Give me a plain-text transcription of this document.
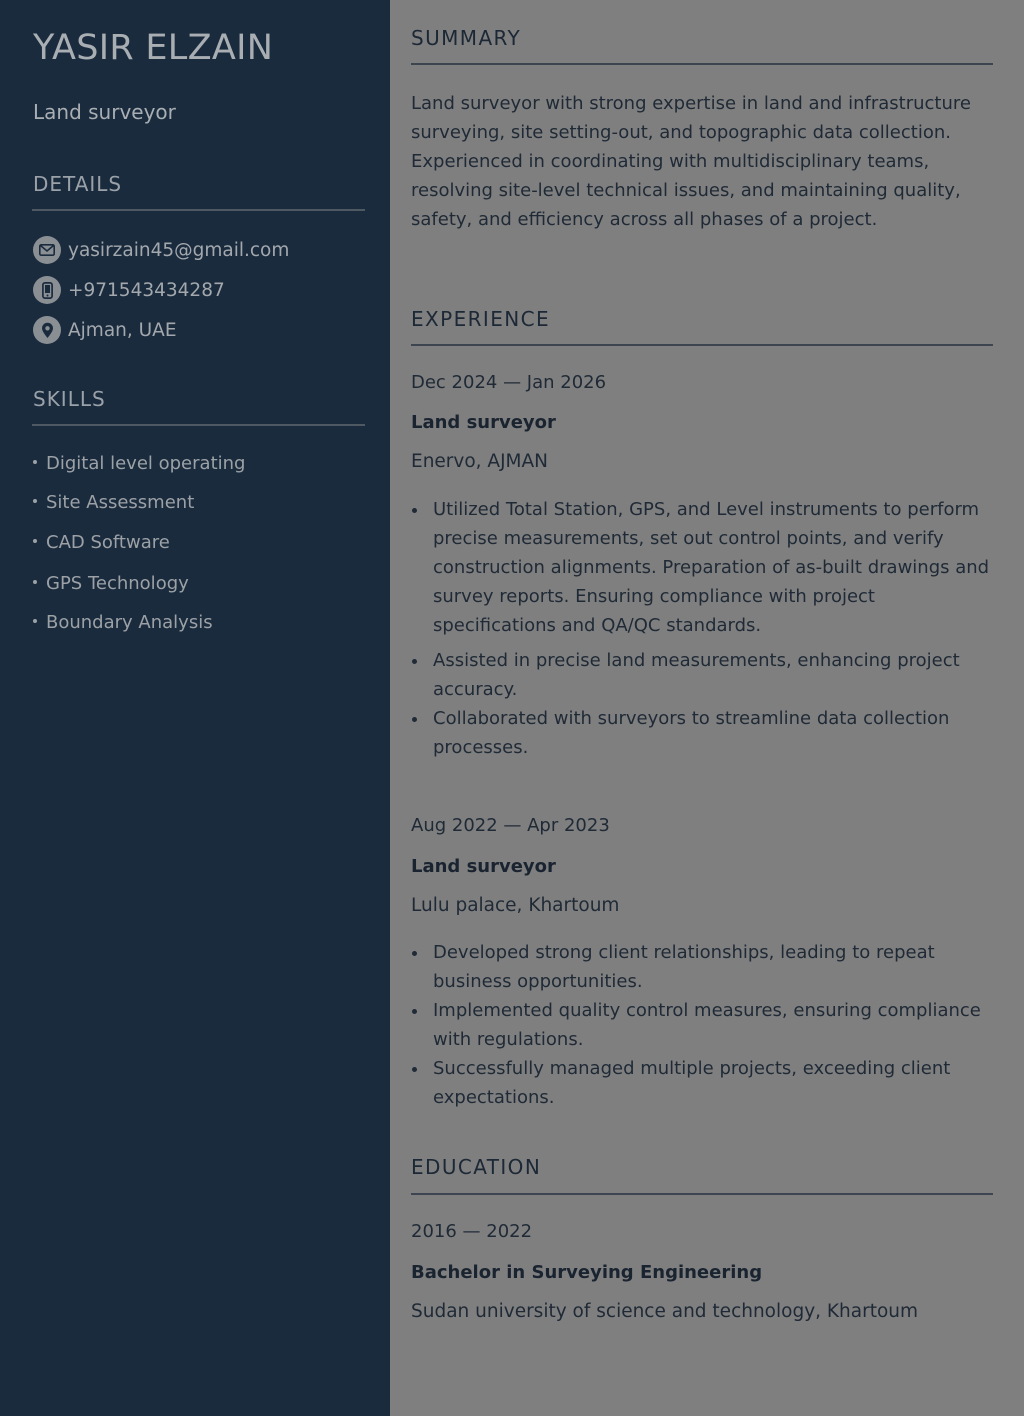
YASIR ELZAIN
Land surveyor
DETAILS
yasirzain45@gmail.com
+971543434287
Ajman, UAE
SKILLS
Digital level operating
Site Assessment
CAD Software
GPS Technology
Boundary Analysis
SUMMARY

Land surveyor with strong expertise in land and infrastructure surveying, site setting-out, and topographic data collection. Experienced in coordinating with multidisciplinary teams, resolving site-level technical issues, and maintaining quality, safety, and efficiency across all phases of a project.

EXPERIENCE
Dec 2024 — Jan 2026
Land surveyor
Enervo, AJMAN
Utilized Total Station, GPS, and Level instruments to perform precise measurements, set out control points, and verify construction alignments. Preparation of as-built drawings and survey reports. Ensuring compliance with project specifications and QA/QC standards.
Assisted in precise land measurements, enhancing project accuracy.
Collaborated with surveyors to streamline data collection processes.
Aug 2022 — Apr 2023
Land surveyor
Lulu palace, Khartoum
Developed strong client relationships, leading to repeat business opportunities.
Implemented quality control measures, ensuring compliance with regulations.
Successfully managed multiple projects, exceeding client expectations.
EDUCATION
2016 — 2022
Bachelor in Surveying Engineering
Sudan university of science and technology, Khartoum
